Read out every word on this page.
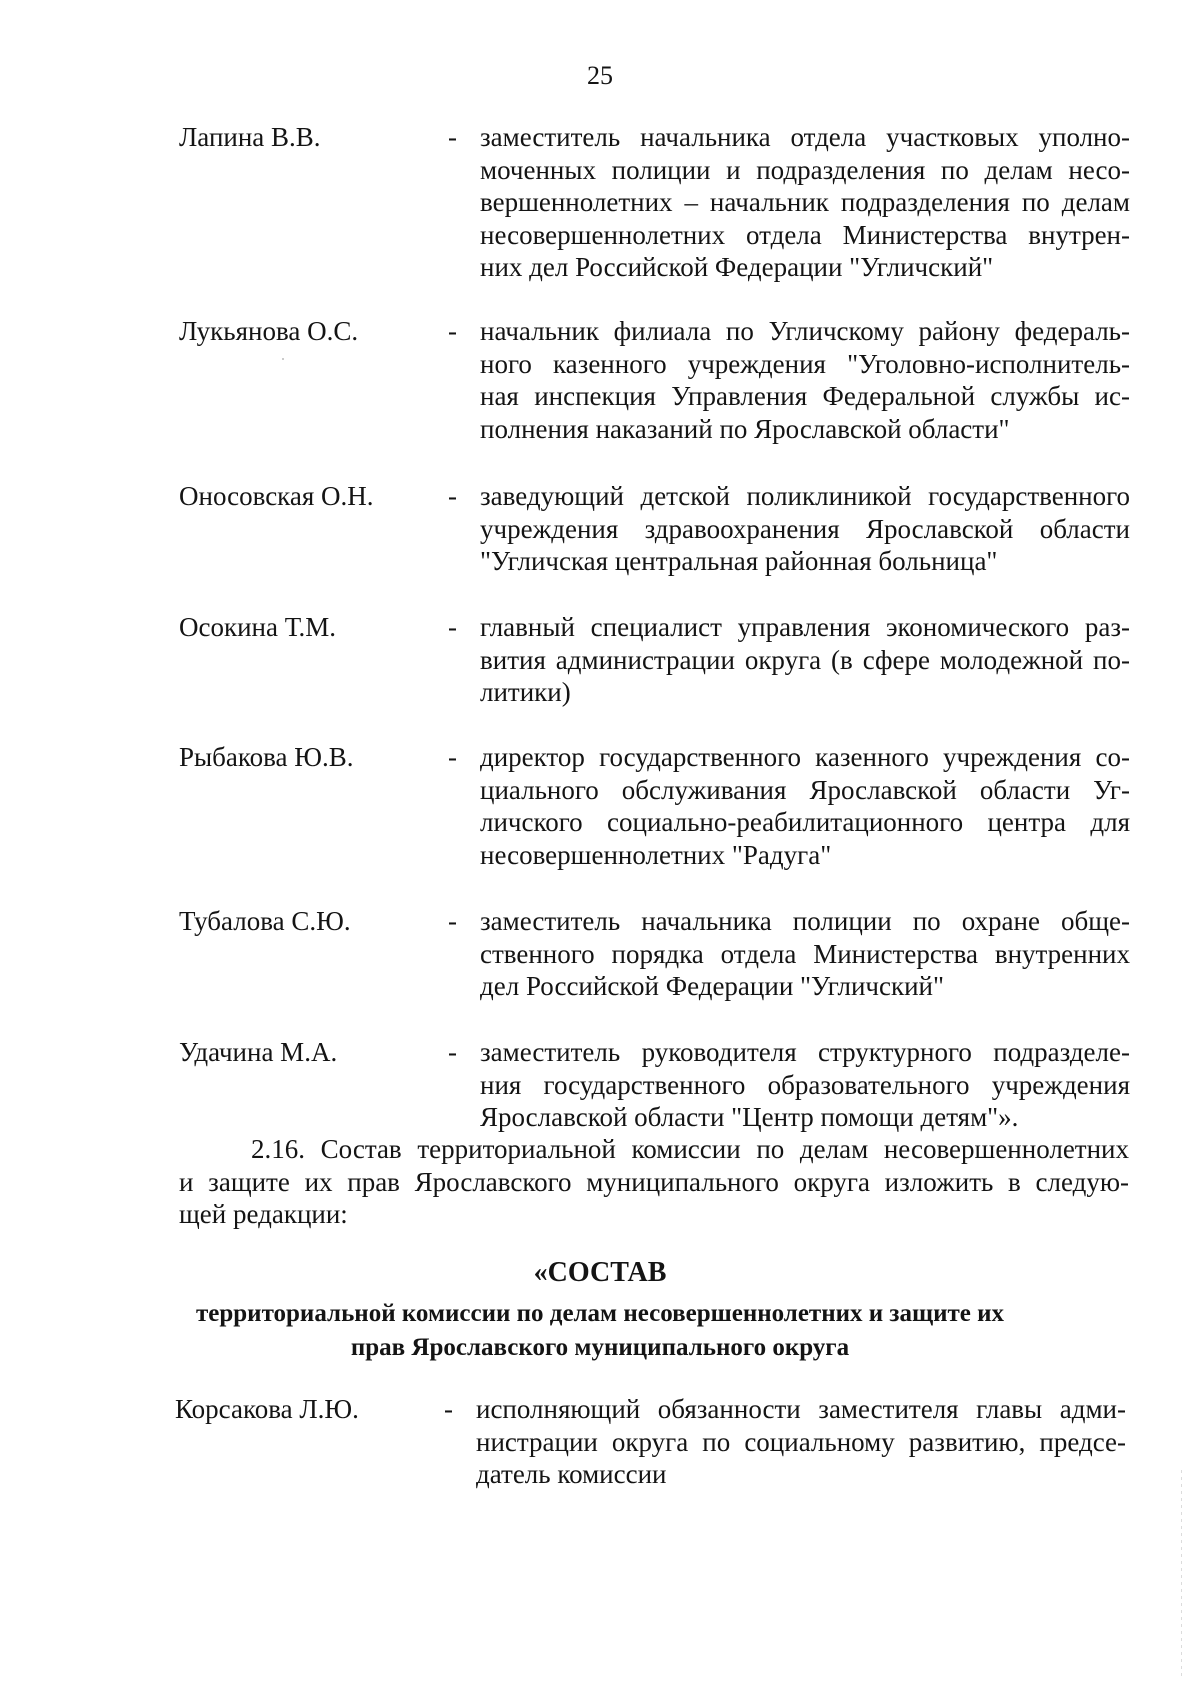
25
Лапина В.В.	- заместитель начальника отдела участковых уполно-
моченных полиции и подразделения по делам несо-
вершеннолетних – начальник подразделения по делам
несовершеннолетних отдела Министерства внутрен-
них дел Российской Федерации "Угличский"
Лукьянова О.С.	- начальник филиала по Угличскому району федераль-
ного казенного учреждения "Уголовно-исполнитель-
ная инспекция Управления Федеральной службы ис-
полнения наказаний по Ярославской области"
Оносовская О.Н.	- заведующий детской поликлиникой государственного
учреждения здравоохранения Ярославской области
"Угличская центральная районная больница"
Осокина Т.М.	- главный специалист управления экономического раз-
вития администрации округа (в сфере молодежной по-
литики)
Рыбакова Ю.В.	- директор государственного казенного учреждения со-
циального обслуживания Ярославской области Уг-
личского социально-реабилитационного центра для
несовершеннолетних "Радуга"
Тубалова С.Ю.	- заместитель начальника полиции по охране обще-
ственного порядка отдела Министерства внутренних
дел Российской Федерации "Угличский"
Удачина М.А.	- заместитель руководителя структурного подразделе-
ния государственного образовательного учреждения
Ярославской области "Центр помощи детям"».
2.16. Состав территориальной комиссии по делам несовершеннолетних
и защите их прав Ярославского муниципального округа изложить в следую-
щей редакции:
«СОСТАВ
территориальной комиссии по делам несовершеннолетних и защите их
прав Ярославского муниципального округа
Корсакова Л.Ю.	- исполняющий обязанности заместителя главы адми-
нистрации округа по социальному развитию, предсе-
датель комиссии
